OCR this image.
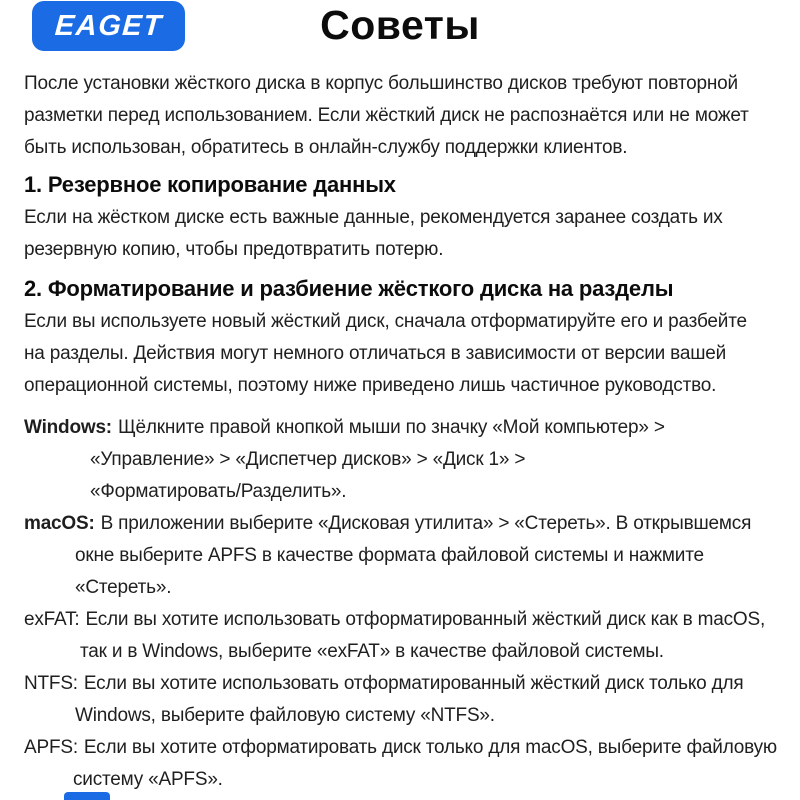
EAGET	Советы

После установки жёсткого диска в корпус большинство дисков требуют повторной
разметки перед использованием. Если жёсткий диск не распознаётся или не может
быть использован, обратитесь в онлайн-службу поддержки клиентов.

1. Резервное копирование данных

Если на жёстком диске есть важные данные, рекомендуется заранее создать их
резервную копию, чтобы предотвратить потерю.

2. Форматирование и разбиение жёсткого диска на разделы

Если вы используете новый жёсткий диск, сначала отформатируйте его и разбейте
на разделы. Действия могут немного отличаться в зависимости от версии вашей
операционной системы, поэтому ниже приведено лишь частичное руководство.

Windows: Щёлкните правой кнопкой мыши по значку «Мой компьютер» >
«Управление» > «Диспетчер дисков» > «Диск 1» >
«Форматировать/Разделить».
macOS: В приложении выберите «Дисковая утилита» > «Стереть». В открывшемся
окне выберите APFS в качестве формата файловой системы и нажмите
«Стереть».
exFAT: Если вы хотите использовать отформатированный жёсткий диск как в macOS,
так и в Windows, выберите «exFAT» в качестве файловой системы.
NTFS: Если вы хотите использовать отформатированный жёсткий диск только для
Windows, выберите файловую систему «NTFS».
APFS: Если вы хотите отформатировать диск только для macOS, выберите файловую
систему «APFS».
